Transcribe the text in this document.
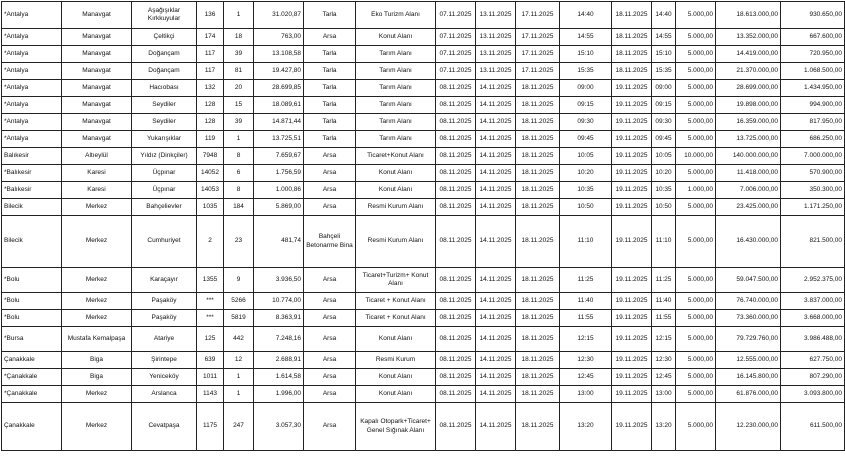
*Antalya	Manavgat	Aşağışıklar Kırkkuyular	136	1	31.020,87	Tarla	Eko Turizm Alanı	07.11.2025	13.11.2025	17.11.2025	14:40	18.11.2025	14:40	5.000,00	18.613.000,00	930.650,00
*Antalya	Manavgat	Çeltikçi	174	18	763,00	Arsa	Konut Alanı	07.11.2025	13.11.2025	17.11.2025	14:55	18.11.2025	14:55	5.000,00	13.352.000,00	667.600,00
*Antalya	Manavgat	Doğançam	117	39	13.108,58	Tarla	Tarım Alanı	07.11.2025	13.11.2025	17.11.2025	15:10	18.11.2025	15:10	5.000,00	14.419.000,00	720.950,00
*Antalya	Manavgat	Doğançam	117	81	19.427,80	Tarla	Tarım Alanı	07.11.2025	13.11.2025	17.11.2025	15:35	18.11.2025	15:35	5.000,00	21.370.000,00	1.068.500,00
*Antalya	Manavgat	Hacıobası	132	20	28.699,85	Tarla	Tarım Alanı	08.11.2025	14.11.2025	18.11.2025	09:00	19.11.2025	09:00	5.000,00	28.699.000,00	1.434.950,00
*Antalya	Manavgat	Seydiler	128	15	18.089,61	Tarla	Tarım Alanı	08.11.2025	14.11.2025	18.11.2025	09:15	19.11.2025	09:15	5.000,00	19.898.000,00	994.900,00
*Antalya	Manavgat	Seydiler	128	39	14.871,44	Tarla	Tarım Alanı	08.11.2025	14.11.2025	18.11.2025	09:30	19.11.2025	09:30	5.000,00	16.359.000,00	817.950,00
*Antalya	Manavgat	Yukarışıklar	119	1	13.725,51	Tarla	Tarım Alanı	08.11.2025	14.11.2025	18.11.2025	09:45	19.11.2025	09:45	5.000,00	13.725.000,00	686.250,00
Balıkesir	Altıeylül	Yıldız (Dinkçiler)	7948	8	7.659,67	Arsa	Ticaret+Konut Alanı	08.11.2025	14.11.2025	18.11.2025	10:05	19.11.2025	10:05	10.000,00	140.000.000,00	7.000.000,00
*Balıkesir	Karesi	Üçpınar	14052	6	1.756,59	Arsa	Konut Alanı	08.11.2025	14.11.2025	18.11.2025	10:20	19.11.2025	10:20	5.000,00	11.418.000,00	570.900,00
*Balıkesir	Karesi	Üçpınar	14053	8	1.000,86	Arsa	Konut Alanı	08.11.2025	14.11.2025	18.11.2025	10:35	19.11.2025	10:35	1.000,00	7.006.000,00	350.300,00
Bilecik	Merkez	Bahçelievler	1035	184	5.869,00	Arsa	Resmi Kurum Alanı	08.11.2025	14.11.2025	18.11.2025	10:50	19.11.2025	10:50	5.000,00	23.425.000,00	1.171.250,00
Bilecik	Merkez	Cumhuriyet	2	23	481,74	Bahçeli Betonarme Bina	Resmi Kurum Alanı	08.11.2025	14.11.2025	18.11.2025	11:10	19.11.2025	11:10	5.000,00	16.430.000,00	821.500,00
*Bolu	Merkez	Karaçayır	1355	9	3.936,50	Arsa	Ticaret+Turizm+ Konut Alanı	08.11.2025	14.11.2025	18.11.2025	11:25	19.11.2025	11:25	5.000,00	59.047.500,00	2.952.375,00
*Bolu	Merkez	Paşaköy	***	5266	10.774,00	Arsa	Ticaret + Konut Alanı	08.11.2025	14.11.2025	18.11.2025	11:40	19.11.2025	11:40	5.000,00	76.740.000,00	3.837.000,00
*Bolu	Merkez	Paşaköy	***	5819	8.363,91	Arsa	Ticaret + Konut Alanı	08.11.2025	14.11.2025	18.11.2025	11:55	19.11.2025	11:55	5.000,00	73.360.000,00	3.668.000,00
*Bursa	Mustafa Kemalpaşa	Atariye	125	442	7.248,16	Arsa	Konut Alanı	08.11.2025	14.11.2025	18.11.2025	12:15	19.11.2025	12:15	5.000,00	79.729.760,00	3.986.488,00
Çanakkale	Biga	Şirintepe	639	12	2.688,91	Arsa	Resmi Kurum	08.11.2025	14.11.2025	18.11.2025	12:30	19.11.2025	12:30	5.000,00	12.555.000,00	627.750,00
*Çanakkale	Biga	Yeniceköy	1011	1	1.614,58	Arsa	Konut Alanı	08.11.2025	14.11.2025	18.11.2025	12:45	19.11.2025	12:45	5.000,00	16.145.800,00	807.290,00
*Çanakkale	Merkez	Arslanca	1143	1	1.996,00	Arsa	Konut Alanı	08.11.2025	14.11.2025	18.11.2025	13:00	19.11.2025	13:00	5.000,00	61.876.000,00	3.093.800,00
Çanakkale	Merkez	Cevatpaşa	1175	247	3.057,30	Arsa	Kapalı Otopark+Ticaret+ Genel Sığınak Alanı	08.11.2025	14.11.2025	18.11.2025	13:20	19.11.2025	13:20	5.000,00	12.230.000,00	611.500,00
